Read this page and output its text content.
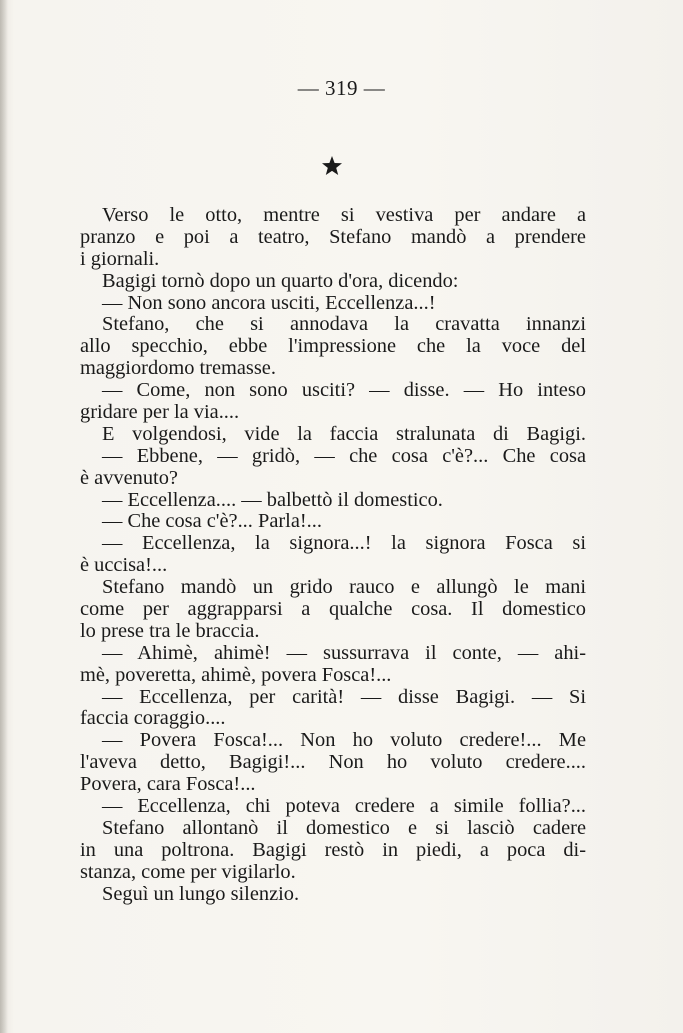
— 319 —
Verso le otto, mentre si vestiva per andare a
pranzo e poi a teatro, Stefano mandò a prendere
i giornali.
Bagigi tornò dopo un quarto d'ora, dicendo:
— Non sono ancora usciti, Eccellenza...!
Stefano, che si annodava la cravatta innanzi
allo specchio, ebbe l'impressione che la voce del
maggiordomo tremasse.
— Come, non sono usciti? — disse. — Ho inteso
gridare per la via....
E volgendosi, vide la faccia stralunata di Bagigi.
— Ebbene, — gridò, — che cosa c'è?... Che cosa
è avvenuto?
— Eccellenza.... — balbettò il domestico.
— Che cosa c'è?... Parla!...
— Eccellenza, la signora...! la signora Fosca si
è uccisa!...
Stefano mandò un grido rauco e allungò le mani
come per aggrapparsi a qualche cosa. Il domestico
lo prese tra le braccia.
— Ahimè, ahimè! — sussurrava il conte, — ahi-
mè, poveretta, ahimè, povera Fosca!...
— Eccellenza, per carità! — disse Bagigi. — Si
faccia coraggio....
— Povera Fosca!... Non ho voluto credere!... Me
l'aveva detto, Bagigi!... Non ho voluto credere....
Povera, cara Fosca!...
— Eccellenza, chi poteva credere a simile follia?...
Stefano allontanò il domestico e si lasciò cadere
in una poltrona. Bagigi restò in piedi, a poca di-
stanza, come per vigilarlo.
Seguì un lungo silenzio.
